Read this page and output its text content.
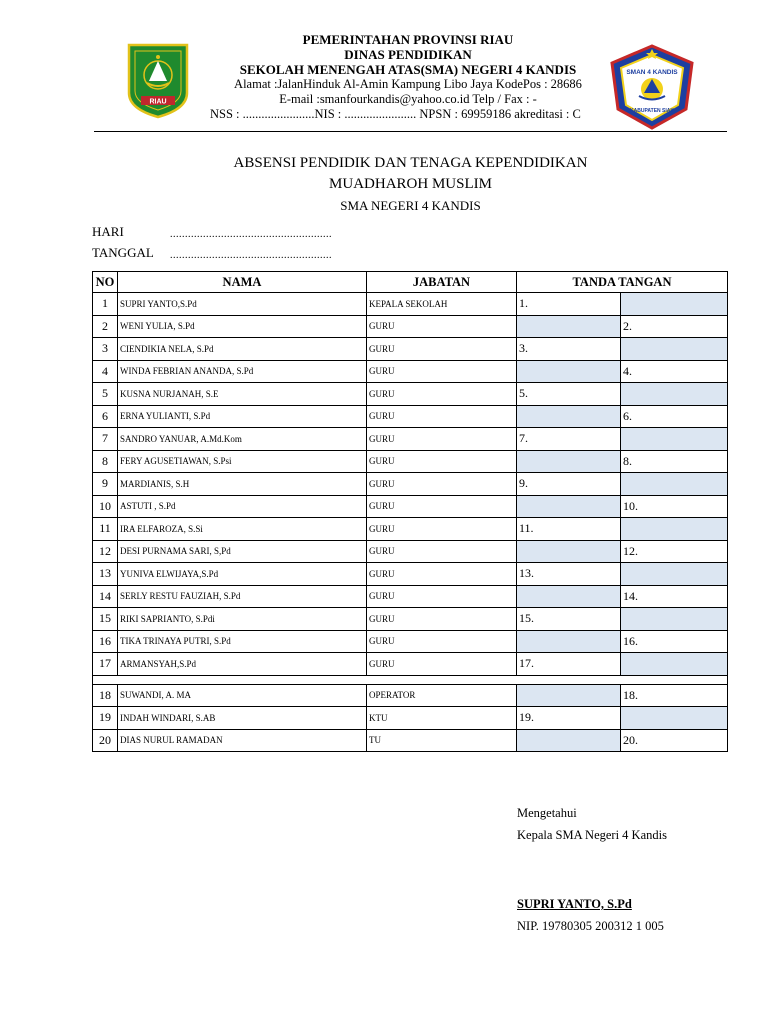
RIAU
PEMERINTAHAN PROVINSI RIAU
DINAS PENDIDIKAN
SEKOLAH MENENGAH ATAS(SMA) NEGERI 4 KANDIS
Alamat :JalanHinduk Al-Amin Kampung Libo Jaya KodePos : 28686
E-mail :smanfourkandis@yahoo.co.id Telp / Fax : -
NSS : .......................NIS : ....................... NPSN : 69959186 akreditasi : C
SMAN 4 KANDIS
KABUPATEN SIAK
ABSENSI PENDIDIK DAN TENAGA KEPENDIDIKAN
MUADHAROH MUSLIM
SMA NEGERI 4 KANDIS
HARI	......................................................
TANGGAL	......................................................
NO	NAMA	JABATAN	TANDA TANGAN	
1	SUPRI YANTO,S.Pd	KEPALA SEKOLAH	1.	
2	WENI YULIA, S.Pd	GURU		2.
3	CIENDIKIA NELA, S.Pd	GURU	3.	
4	WINDA FEBRIAN ANANDA, S.Pd	GURU		4.
5	KUSNA NURJANAH, S.E	GURU	5.	
6	ERNA YULIANTI, S.Pd	GURU		6.
7	SANDRO YANUAR, A.Md.Kom	GURU	7.	
8	FERY AGUSETIAWAN, S.Psi	GURU		8.
9	MARDIANIS, S.H	GURU	9.	
10	ASTUTI , S.Pd	GURU		10.
11	IRA ELFAROZA, S.Si	GURU	11.	
12	DESI PURNAMA SARI, S,Pd	GURU		12.
13	YUNIVA ELWIJAYA,S.Pd	GURU	13.	
14	SERLY RESTU FAUZIAH, S.Pd	GURU		14.
15	RIKI SAPRIANTO, S.Pdi	GURU	15.	
16	TIKA TRINAYA PUTRI, S.Pd	GURU		16.
17	ARMANSYAH,S.Pd	GURU	17.	

18	SUWANDI, A. MA	OPERATOR		18.
19	INDAH WINDARI, S.AB	KTU	19.	
20	DIAS NURUL RAMADAN	TU		20.
Mengetahui
Kepala SMA Negeri 4 Kandis
SUPRI YANTO, S.Pd
NIP. 19780305 200312 1 005
